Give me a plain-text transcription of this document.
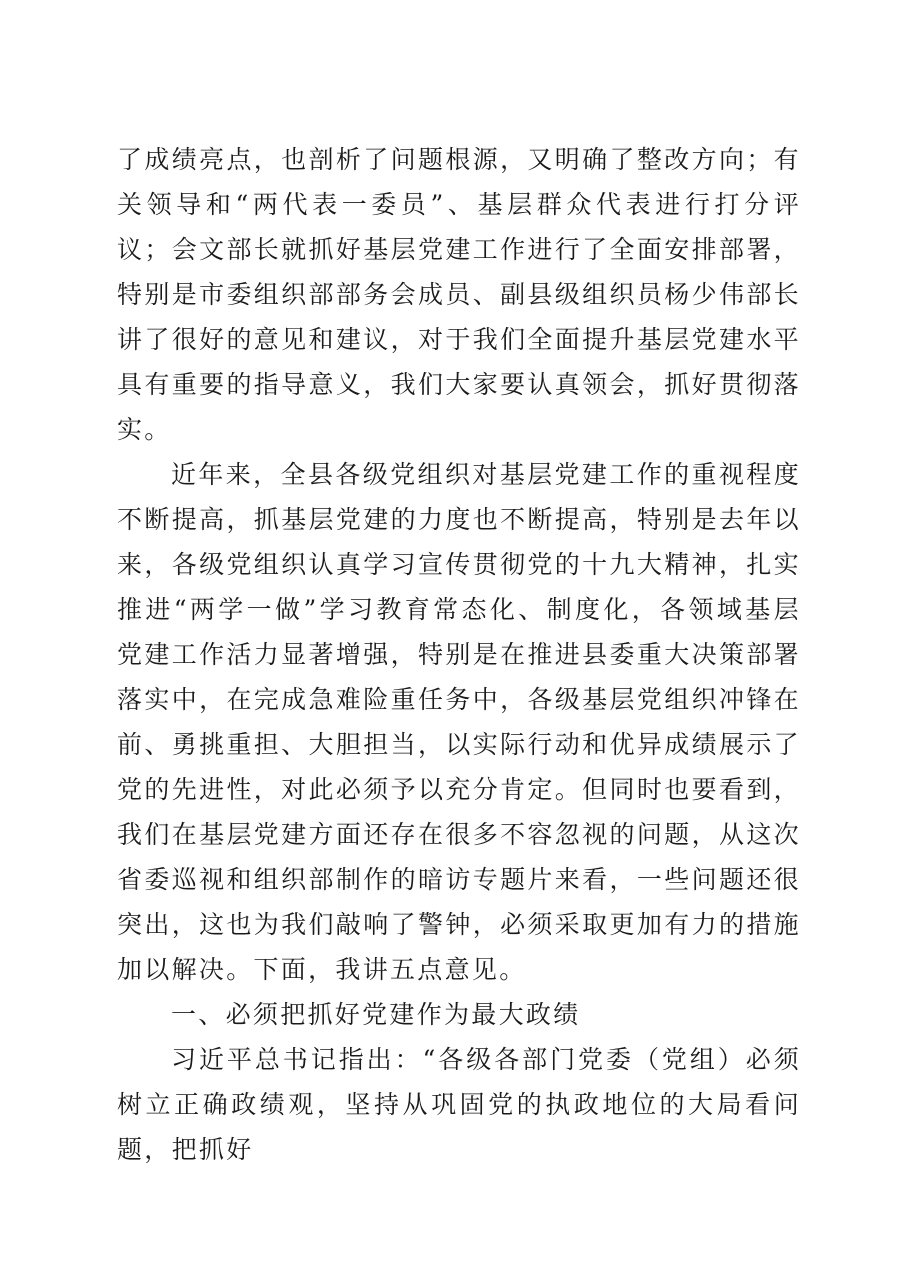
了成绩亮点，也剖析了问题根源，又明确了整改方向；有关领导和“两代表一委员”、基层群众代表进行打分评议；会文部长就抓好基层党建工作进行了全面安排部署，特别是市委组织部部务会成员、副县级组织员杨少伟部长讲了很好的意见和建议，对于我们全面提升基层党建水平具有重要的指导意义，我们大家要认真领会，抓好贯彻落实。

近年来，全县各级党组织对基层党建工作的重视程度不断提高，抓基层党建的力度也不断提高，特别是去年以来，各级党组织认真学习宣传贯彻党的十九大精神，扎实推进“两学一做”学习教育常态化、制度化，各领域基层党建工作活力显著增强，特别是在推进县委重大决策部署落实中，在完成急难险重任务中，各级基层党组织冲锋在前、勇挑重担、大胆担当，以实际行动和优异成绩展示了党的先进性，对此必须予以充分肯定。但同时也要看到，我们在基层党建方面还存在很多不容忽视的问题，从这次省委巡视和组织部制作的暗访专题片来看，一些问题还很突出，这也为我们敲响了警钟，必须采取更加有力的措施加以解决。下面，我讲五点意见。

一、必须把抓好党建作为最大政绩

习近平总书记指出：“各级各部门党委（党组）必须树立正确政绩观，坚持从巩固党的执政地位的大局看问题，把抓好
